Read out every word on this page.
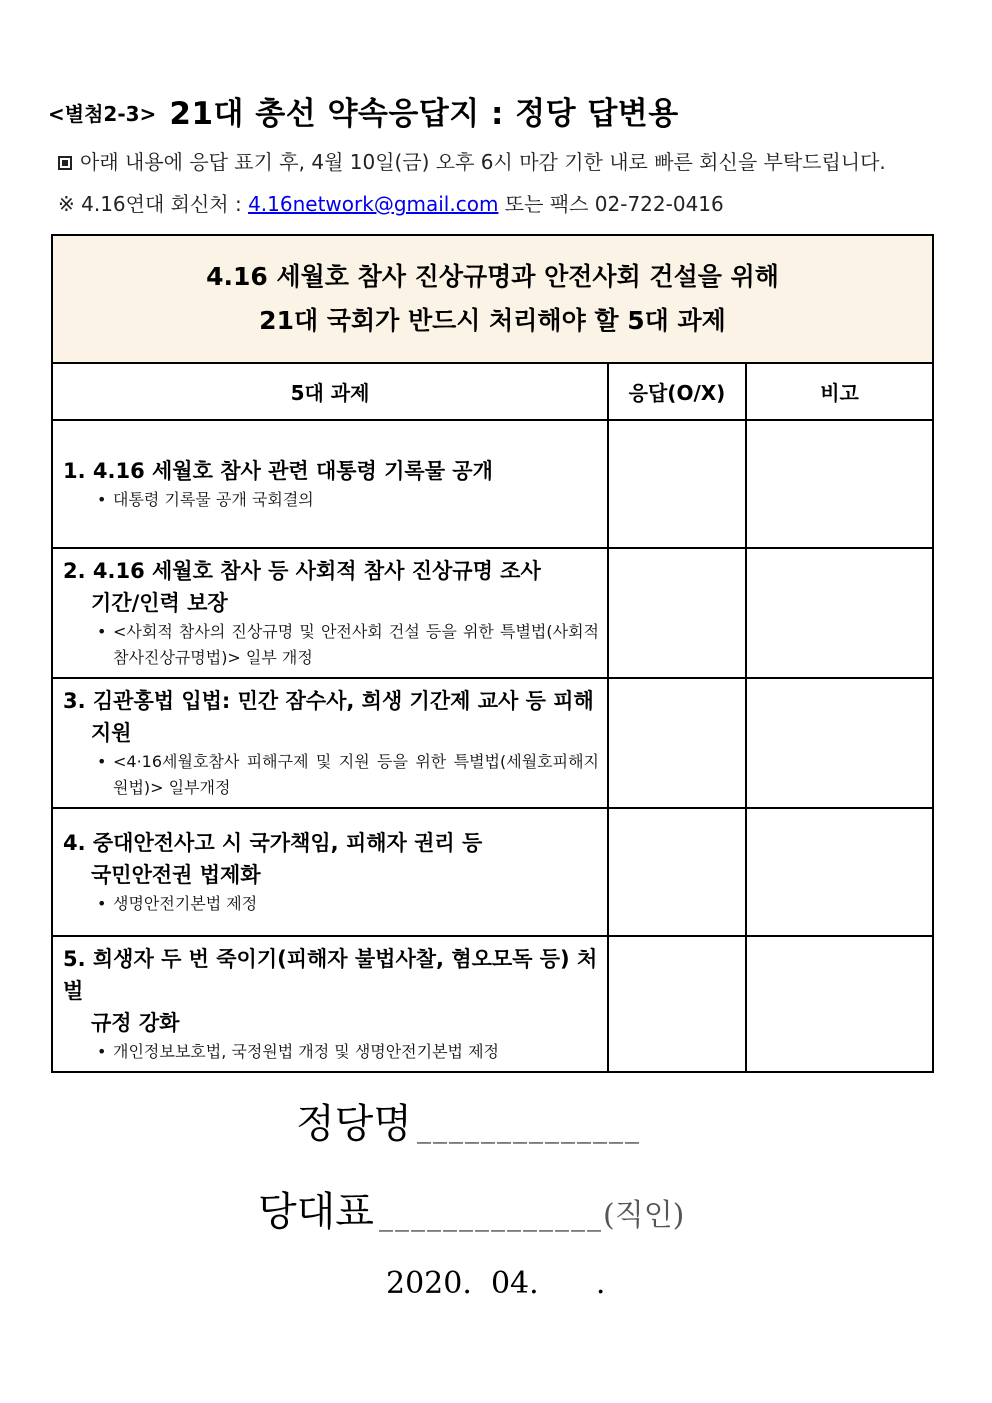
<별첨2-3> 21대 총선 약속응답지 : 정당 답변용
아래 내용에 응답 표기 후, 4월 10일(금) 오후 6시 마감 기한 내로 빠른 회신을 부탁드립니다.
※ 4.16연대 회신처 : 4.16network@gmail.com 또는 팩스 02-722-0416
4.16 세월호 참사 진상규명과 안전사회 건설을 위해
21대 국회가 반드시 처리해야 할 5대 과제		

5대 과제	응답(O/X)	비고

1. 4.16 세월호 참사 관련 대통령 기록물 공개
• 대통령 기록물 공개 국회결의		

2. 4.16 세월호 참사 등 사회적 참사 진상규명 조사
기간/인력 보장
• <사회적 참사의 진상규명 및 안전사회 건설 등을 위한 특별법(사회적참사진상규명법)> 일부 개정		

3. 김관홍법 입법: 민간 잠수사, 희생 기간제 교사 등 피해지원
• <4·16세월호참사 피해구제 및 지원 등을 위한 특별법(세월호피해지원법)> 일부개정		

4. 중대안전사고 시 국가책임, 피해자 권리 등
국민안전권 법제화
• 생명안전기본법 제정		

5. 희생자 두 번 죽이기(피해자 불법사찰, 혐오모독 등) 처벌
규정 강화
• 개인정보보호법, 국정원법 개정 및 생명안전기본법 제정		

정당명 ______________
당대표 ______________(직인)
2020.  04.      .
